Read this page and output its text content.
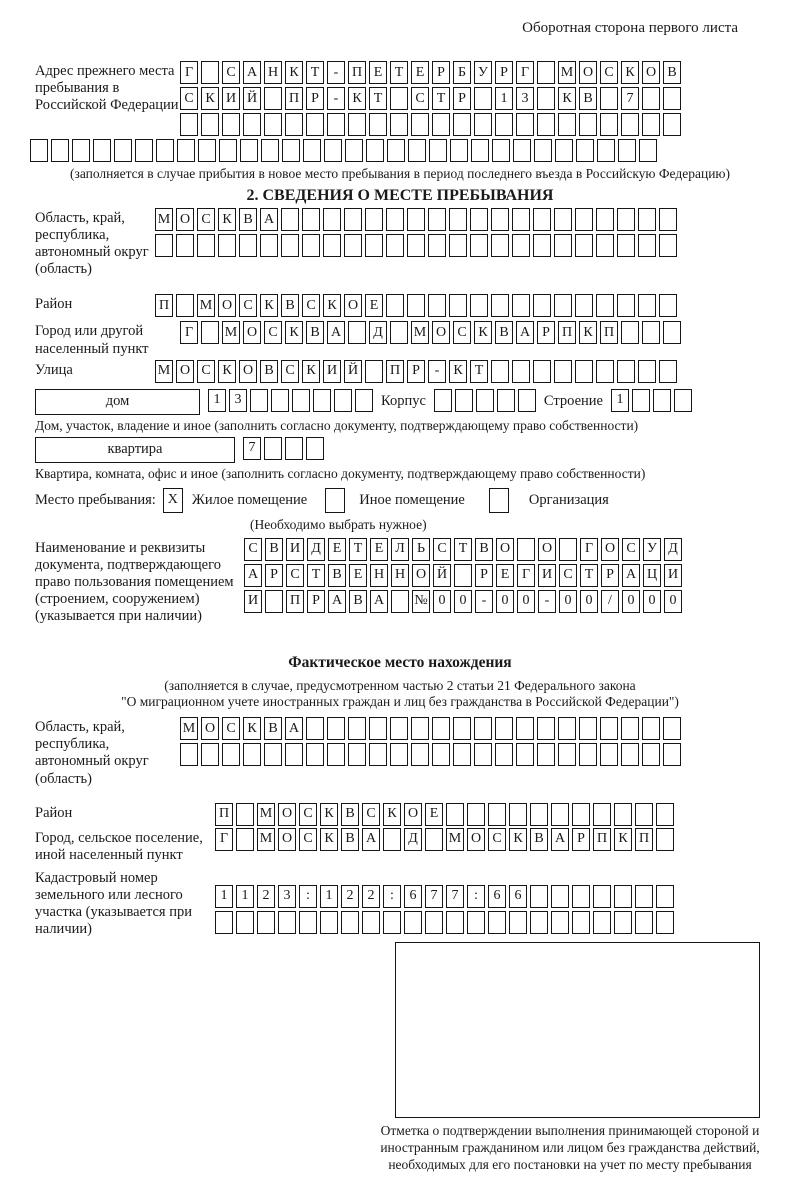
Оборотная сторона первого листа
Адрес прежнего места пребывания в Российской Федерации
Г	С А Н К Т	- П Е Т Е Р Б У Р Г	М О С К О В
С К И Й П Р	-	К Т	С Т Р	1	3	К В	7
(заполняется в случае прибытия в новое место пребывания в период последнего въезда в Российскую Федерацию)
2. СВЕДЕНИЯ О МЕСТЕ ПРЕБЫВАНИЯ
Область, край, республика, автономный округ (область)
М О С К В А
Район	П М О С К В С К О Е
Город или другой населенный пункт
Г	М О С К В А	Д	М О С К В А Р П К П
Улица	М О С К О В С К И Й П Р	-	К Т
дом	1	3	Корпус	Строение 1
Дом, участок, владение и иное (заполнить согласно документу, подтверждающему право собственности)
квартира	7
Квартира, комната, офис и иное (заполнить согласно документу, подтверждающему право собственности)
Место пребывания: X Жилое помещение	Иное помещение	Организация
(Необходимо выбрать нужное)
Наименование и реквизиты документа, подтверждающего право пользования помещением (строением, сооружением) (указывается при наличии)
С В И Д Е Т Е Л Ь С Т В О О	Г О С У Д
А Р С Т В Е Н Н О Й	Р Е Г И С Т Р А Ц И
И П Р А В А № 0	0	-	0	0	-	0	0	/	0	0	0
Фактическое место нахождения
(заполняется в случае, предусмотренном частью 2 статьи 21 Федерального закона
"О миграционном учете иностранных граждан и лиц без гражданства в Российской Федерации")
Область, край, республика, автономный округ (область)
М О С К В А
Район	П М О С К В С К О Е
Город, сельское поселение, иной населенный пункт
Г	М О С К В А	Д	М О С К В А Р П К П
Кадастровый номер земельного или лесного участка (указывается при наличии)
1	1	2	3	:	1	2	2	:	6	7	7	:	6	6
Отметка о подтверждении выполнения принимающей стороной и иностранным гражданином или лицом без гражданства действий, необходимых для его постановки на учет по месту пребывания
